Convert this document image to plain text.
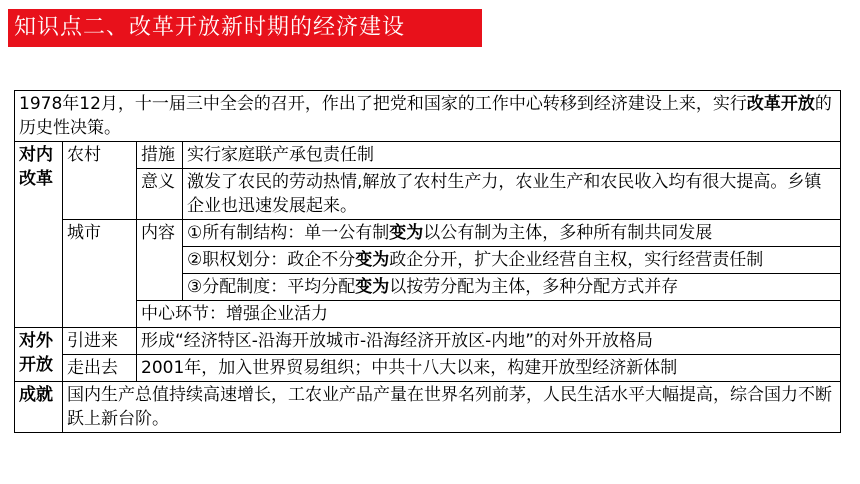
知识点二、改革开放新时期的经济建设
1978年12月，十一届三中全会的召开，作出了把党和国家的工作中心转移到经济建设上来，实行改革开放的历史性决策。			
对内改革	农村	措施	实行家庭联产承包责任制
		意义	激发了农民的劳动热情,解放了农村生产力，农业生产和农民收入均有很大提高。乡镇企业也迅速发展起来。
	城市	内容	①所有制结构：单一公有制变为以公有制为主体，多种所有制共同发展
			②职权划分：政企不分变为政企分开，扩大企业经营自主权，实行经营责任制
			③分配制度：平均分配变为以按劳分配为主体，多种分配方式并存
		中心环节：增强企业活力	
对外开放	引进来	形成“经济特区-沿海开放城市-沿海经济开放区-内地”的对外开放格局	
	走出去	2001年，加入世界贸易组织；中共十八大以来，构建开放型经济新体制	
成就	国内生产总值持续高速增长，工农业产品产量在世界名列前茅，人民生活水平大幅提高，综合国力不断跃上新台阶。		
